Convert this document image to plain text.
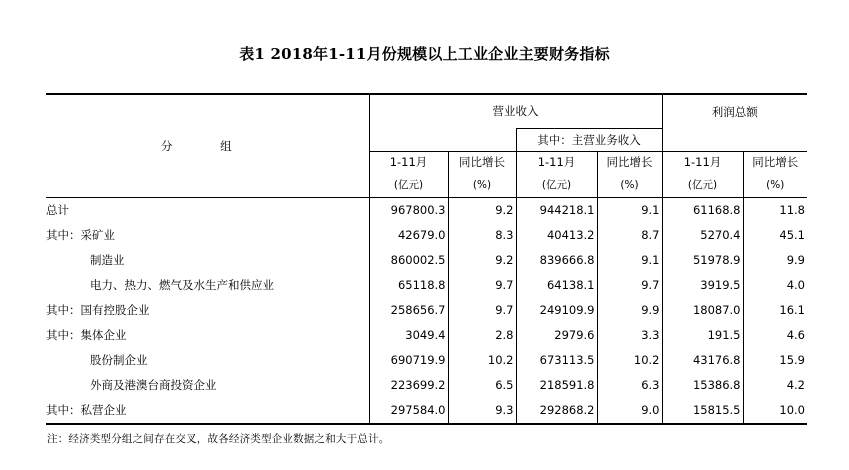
表1 2018年1-11月份规模以上工业企业主要财务指标
分 组	营业收入				利润总额	
			其中：主营业务收入			
	1-11月	同比增长	1-11月	同比增长	1-11月	同比增长
	(亿元)	(%)	(亿元)	(%)	(亿元)	(%)
总计	967800.3	9.2	944218.1	9.1	61168.8	11.8
其中：采矿业	42679.0	8.3	40413.2	8.7	5270.4	45.1
制造业	860002.5	9.2	839666.8	9.1	51978.9	9.9
电力、热力、燃气及水生产和供应业	65118.8	9.7	64138.1	9.7	3919.5	4.0
其中：国有控股企业	258656.7	9.7	249109.9	9.9	18087.0	16.1
其中：集体企业	3049.4	2.8	2979.6	3.3	191.5	4.6
股份制企业	690719.9	10.2	673113.5	10.2	43176.8	15.9
外商及港澳台商投资企业	223699.2	6.5	218591.8	6.3	15386.8	4.2
其中：私营企业	297584.0	9.3	292868.2	9.0	15815.5	10.0
注：经济类型分组之间存在交叉，故各经济类型企业数据之和大于总计。
